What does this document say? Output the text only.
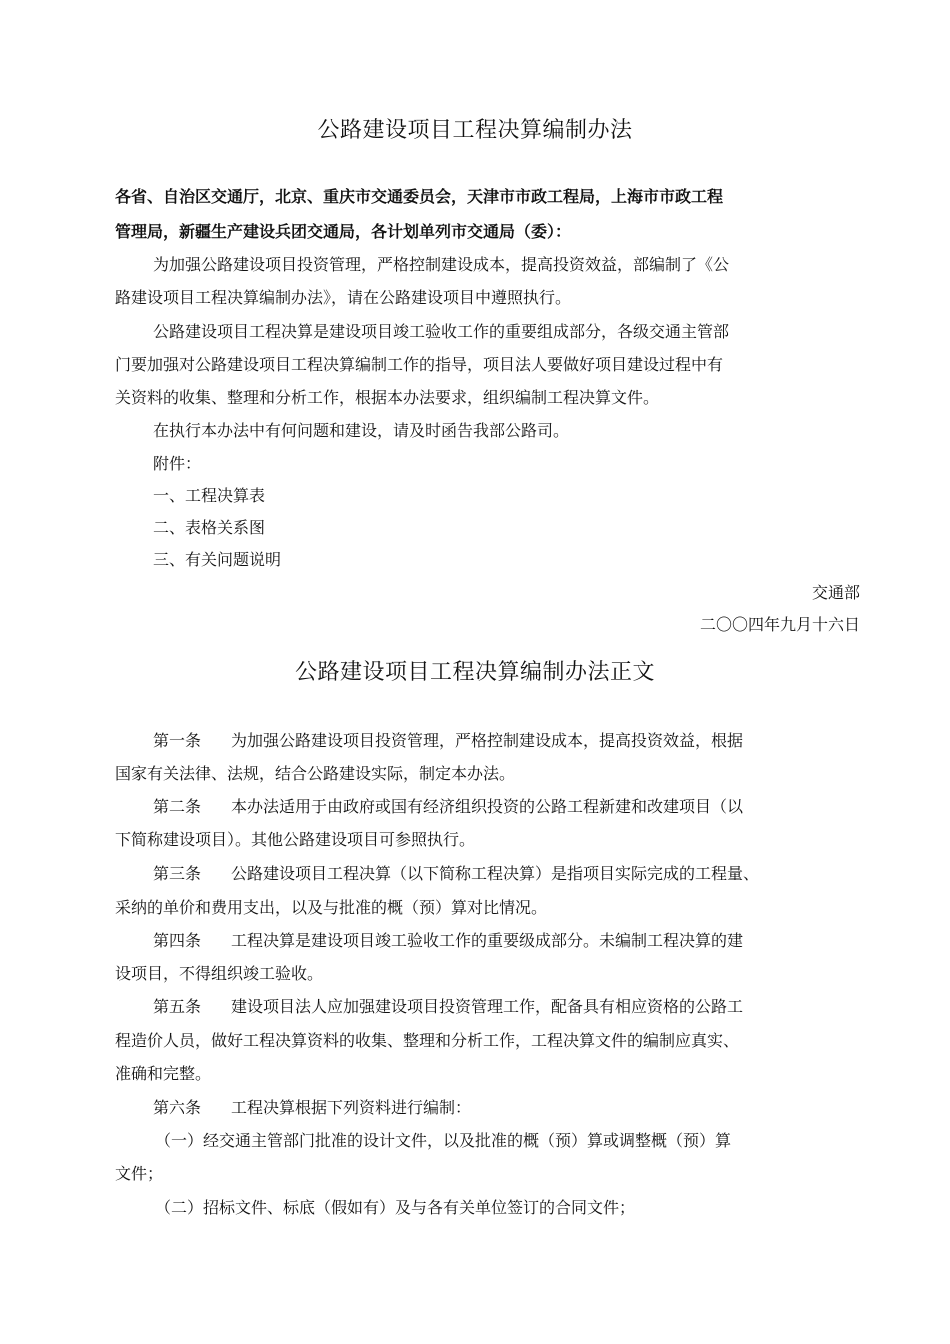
公路建设项目工程决算编制办法
各省、自治区交通厅，北京、重庆市交通委员会，天津市市政工程局，上海市市政工程
管理局，新疆生产建设兵团交通局，各计划单列市交通局（委）：
为加强公路建设项目投资管理，严格控制建设成本，提高投资效益，部编制了《公
路建设项目工程决算编制办法》，请在公路建设项目中遵照执行。
公路建设项目工程决算是建设项目竣工验收工作的重要组成部分，各级交通主管部
门要加强对公路建设项目工程决算编制工作的指导，项目法人要做好项目建设过程中有
关资料的收集、整理和分析工作，根据本办法要求，组织编制工程决算文件。
在执行本办法中有何问题和建设，请及时函告我部公路司。
附件：
一、工程决算表
二、表格关系图
三、有关问题说明
交通部
二〇〇四年九月十六日
公路建设项目工程决算编制办法正文
第一条 为加强公路建设项目投资管理，严格控制建设成本，提高投资效益，根据
国家有关法律、法规，结合公路建设实际，制定本办法。
第二条 本办法适用于由政府或国有经济组织投资的公路工程新建和改建项目（以
下简称建设项目）。其他公路建设项目可参照执行。
第三条 公路建设项目工程决算（以下简称工程决算）是指项目实际完成的工程量、
采纳的单价和费用支出，以及与批准的概（预）算对比情况。
第四条 工程决算是建设项目竣工验收工作的重要级成部分。未编制工程决算的建
设项目，不得组织竣工验收。
第五条 建设项目法人应加强建设项目投资管理工作，配备具有相应资格的公路工
程造价人员，做好工程决算资料的收集、整理和分析工作，工程决算文件的编制应真实、
准确和完整。
第六条 工程决算根据下列资料进行编制：
（一）经交通主管部门批准的设计文件，以及批准的概（预）算或调整概（预）算
文件；
（二）招标文件、标底（假如有）及与各有关单位签订的合同文件；
